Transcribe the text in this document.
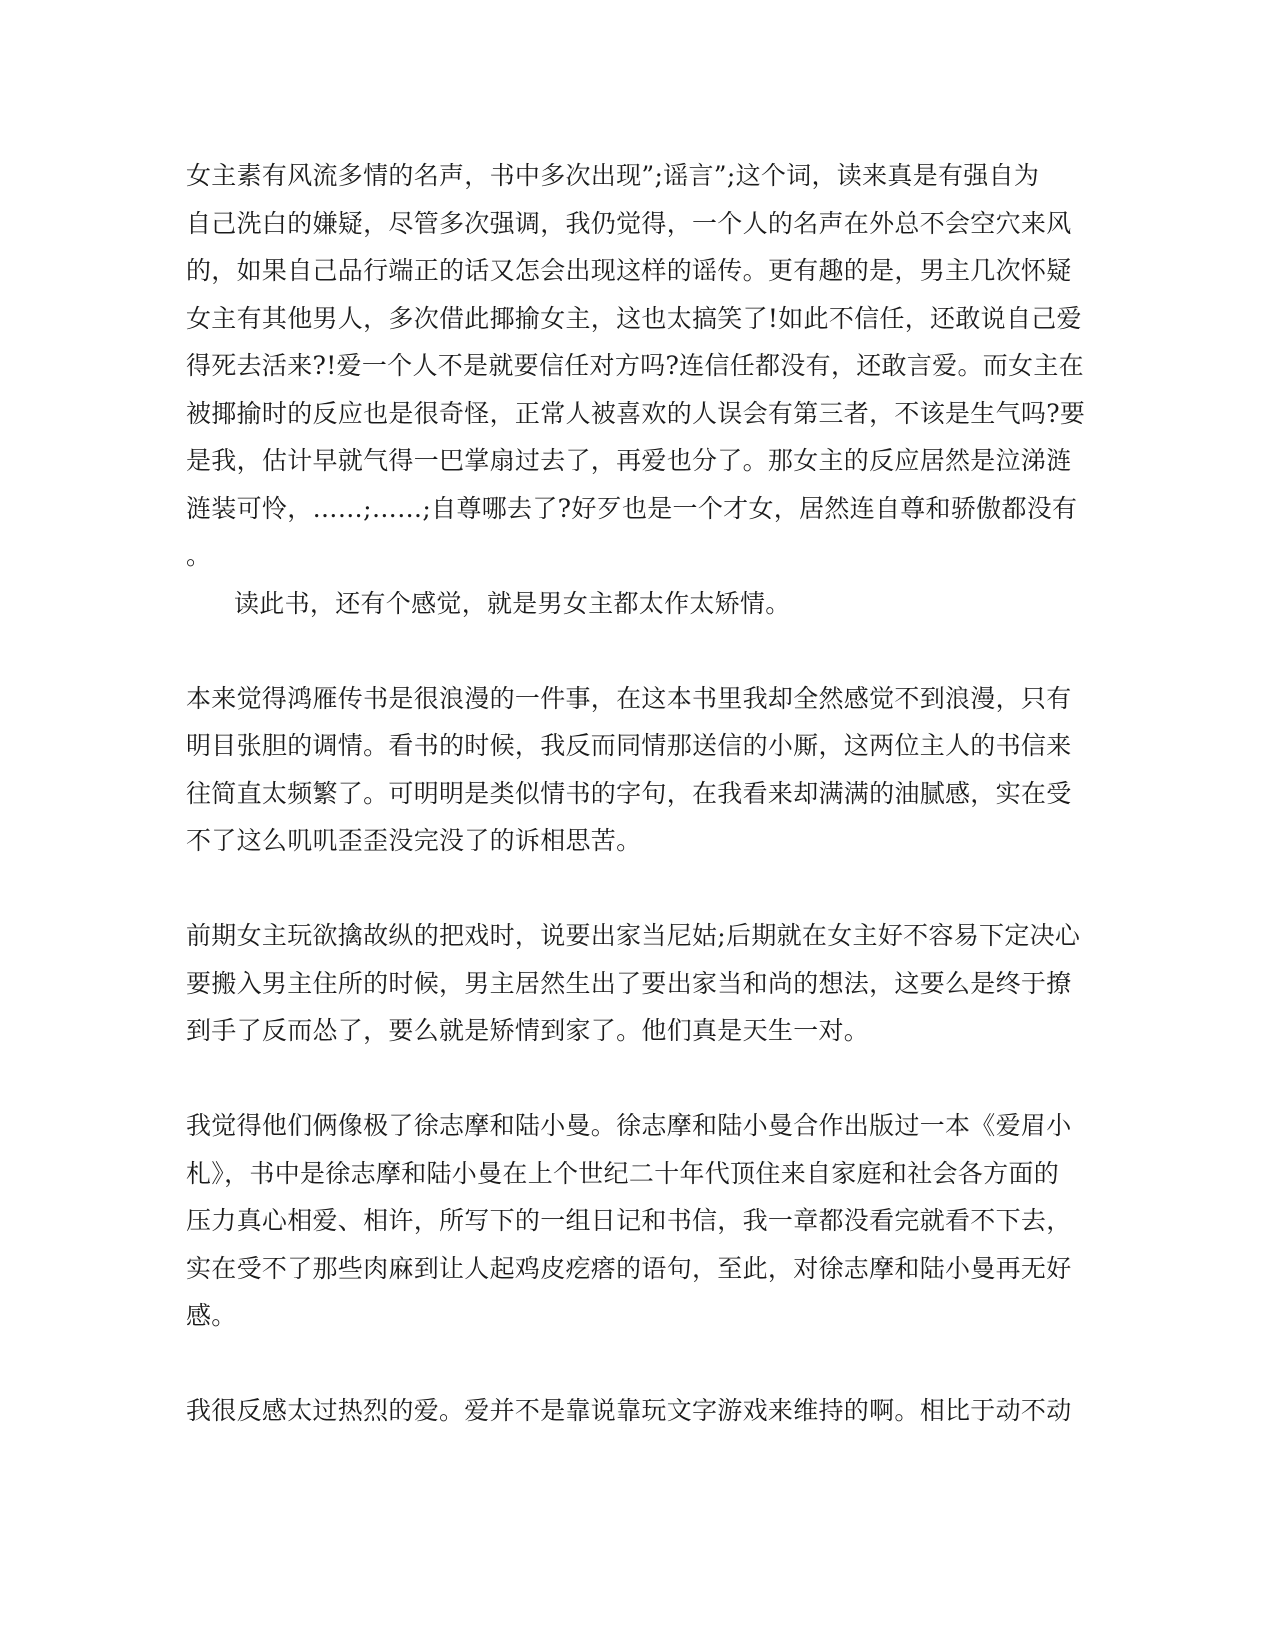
女主素有风流多情的名声，书中多次出现”;谣言”;这个词，读来真是有强自为
自己洗白的嫌疑，尽管多次强调，我仍觉得，一个人的名声在外总不会空穴来风
的，如果自己品行端正的话又怎会出现这样的谣传。更有趣的是，男主几次怀疑
女主有其他男人，多次借此揶揄女主，这也太搞笑了!如此不信任，还敢说自己爱
得死去活来?!爱一个人不是就要信任对方吗?连信任都没有，还敢言爱。而女主在
被揶揄时的反应也是很奇怪，正常人被喜欢的人误会有第三者，不该是生气吗?要
是我，估计早就气得一巴掌扇过去了，再爱也分了。那女主的反应居然是泣涕涟
涟装可怜，……;……;自尊哪去了?好歹也是一个才女，居然连自尊和骄傲都没有
。
读此书，还有个感觉，就是男女主都太作太矫情。
本来觉得鸿雁传书是很浪漫的一件事，在这本书里我却全然感觉不到浪漫，只有
明目张胆的调情。看书的时候，我反而同情那送信的小厮，这两位主人的书信来
往简直太频繁了。可明明是类似情书的字句，在我看来却满满的油腻感，实在受
不了这么叽叽歪歪没完没了的诉相思苦。
前期女主玩欲擒故纵的把戏时，说要出家当尼姑;后期就在女主好不容易下定决心
要搬入男主住所的时候，男主居然生出了要出家当和尚的想法，这要么是终于撩
到手了反而怂了，要么就是矫情到家了。他们真是天生一对。
我觉得他们俩像极了徐志摩和陆小曼。徐志摩和陆小曼合作出版过一本《爱眉小
札》，书中是徐志摩和陆小曼在上个世纪二十年代顶住来自家庭和社会各方面的
压力真心相爱、相许，所写下的一组日记和书信，我一章都没看完就看不下去，
实在受不了那些肉麻到让人起鸡皮疙瘩的语句，至此，对徐志摩和陆小曼再无好
感。
我很反感太过热烈的爱。爱并不是靠说靠玩文字游戏来维持的啊。相比于动不动
